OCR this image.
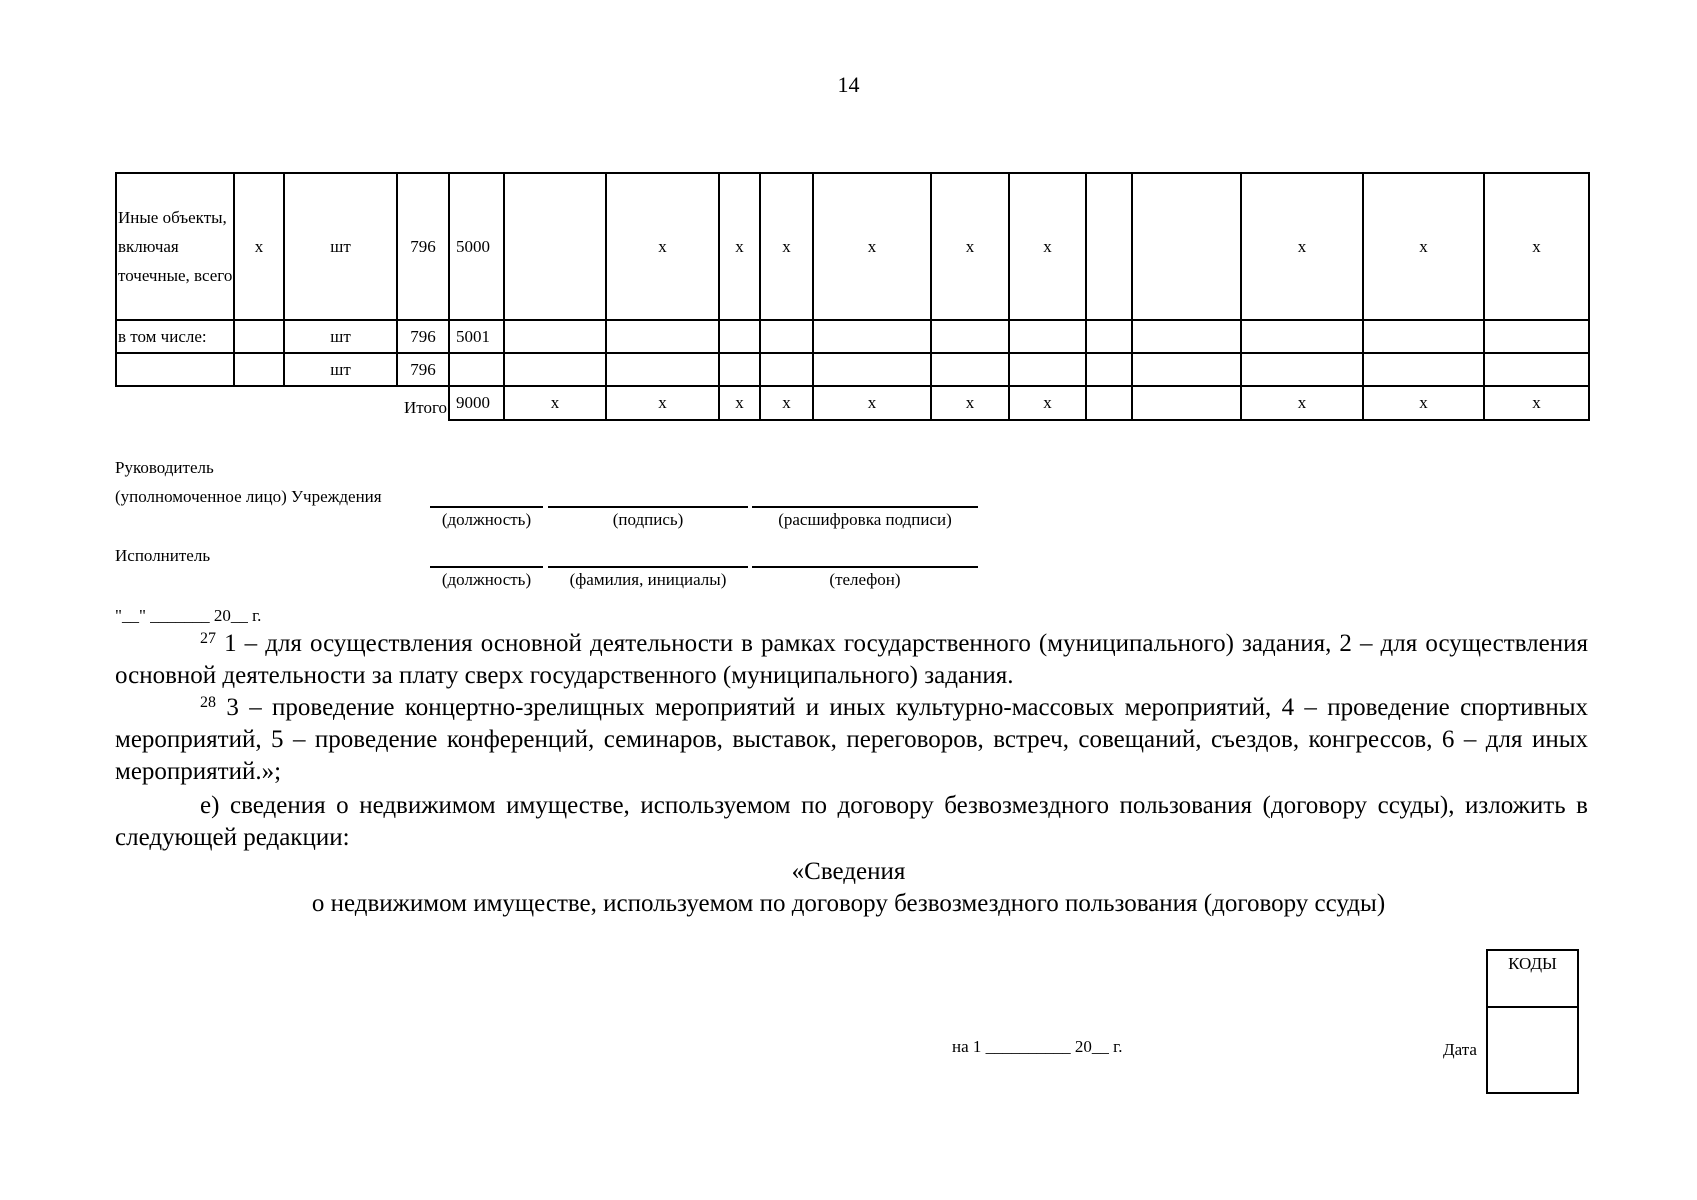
14
Иные объекты, включая точечные, всего	x	шт	796	5000		x	x	x	x	x	x			x	x	x
в том числе:		шт	796	5001												
		шт	796													
Итого				9000	x	x	x	x	x	x	x			x	x	x
Руководитель
(уполномоченное лицо) Учреждения
(должность)	(подпись)	(расшифровка подписи)
Исполнитель
(должность)	(фамилия, инициалы)	(телефон)
"__" _______ 20__ г.
$^{27}$ 1 – для осуществления основной деятельности в рамках государственного (муниципального) задания, 2 – для осуществления основной деятельности за плату сверх государственного (муниципального) задания.
$^{28}$ 3 – проведение концертно-зрелищных мероприятий и иных культурно-массовых мероприятий, 4 – проведение спортивных мероприятий, 5 – проведение конференций, семинаров, выставок, переговоров, встреч, совещаний, съездов, конгрессов, 6 – для иных мероприятий.»;
е) сведения о недвижимом имуществе, используемом по договору безвозмездного пользования (договору ссуды), изложить в следующей редакции:
«Сведения
о недвижимом имуществе, используемом по договору безвозмездного пользования (договору ссуды)
на 1 __________ 20__ г.
КОДЫ
Дата
